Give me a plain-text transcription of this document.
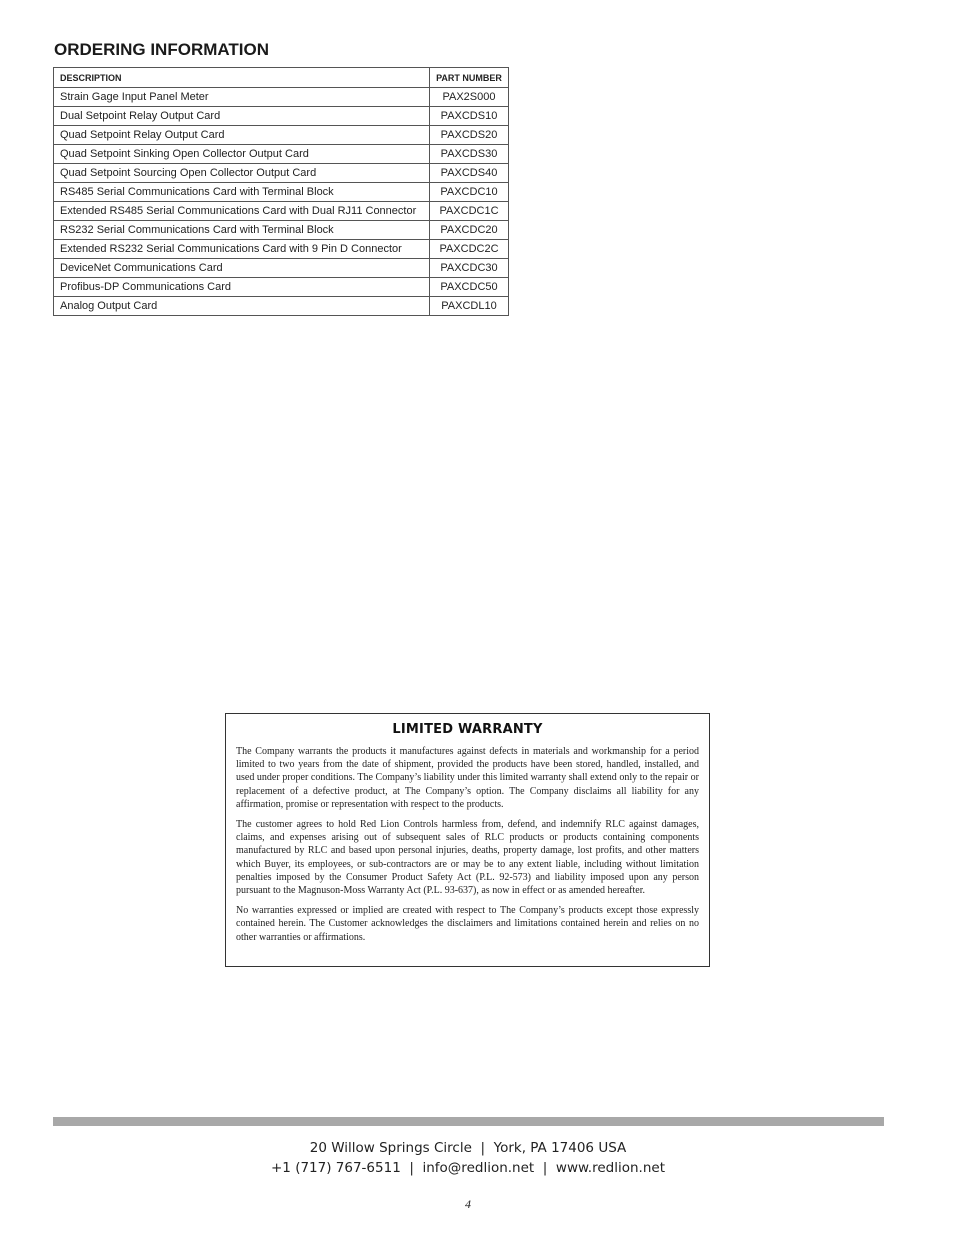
ORDERING INFORMATION
DESCRIPTION	PART NUMBER
Strain Gage Input Panel Meter	PAX2S000
Dual Setpoint Relay Output Card	PAXCDS10
Quad Setpoint Relay Output Card	PAXCDS20
Quad Setpoint Sinking Open Collector Output Card	PAXCDS30
Quad Setpoint Sourcing Open Collector Output Card	PAXCDS40
RS485 Serial Communications Card with Terminal Block	PAXCDC10
Extended RS485 Serial Communications Card with Dual RJ11 Connector	PAXCDC1C
RS232 Serial Communications Card with Terminal Block	PAXCDC20
Extended RS232 Serial Communications Card with 9 Pin D Connector	PAXCDC2C
DeviceNet Communications Card	PAXCDC30
Profibus-DP Communications Card	PAXCDC50
Analog Output Card	PAXCDL10
LIMITED WARRANTY

The Company warrants the products it manufactures against defects in materials and workmanship for a period limited to two years from the date of shipment, provided the products have been stored, handled, installed, and used under proper conditions. The Company’s liability under this limited warranty shall extend only to the repair or replacement of a defective product, at The Company’s option. The Company disclaims all liability for any affirmation, promise or representation with respect to the products.

The customer agrees to hold Red Lion Controls harmless from, defend, and indemnify RLC against damages, claims, and expenses arising out of subsequent sales of RLC products or products containing components manufactured by RLC and based upon personal injuries, deaths, property damage, lost profits, and other matters which Buyer, its employees, or sub-contractors are or may be to any extent liable, including without limitation penalties imposed by the Consumer Product Safety Act (P.L. 92-573) and liability imposed upon any person pursuant to the Magnuson-Moss Warranty Act (P.L. 93-637), as now in effect or as amended hereafter.

No warranties expressed or implied are created with respect to The Company’s products except those expressly contained herein. The Customer acknowledges the disclaimers and limitations contained herein and relies on no other warranties or affirmations.

20 Willow Springs Circle  |  York, PA 17406 USA
+1 (717) 767-6511  |  info@redlion.net  |  www.redlion.net
4
